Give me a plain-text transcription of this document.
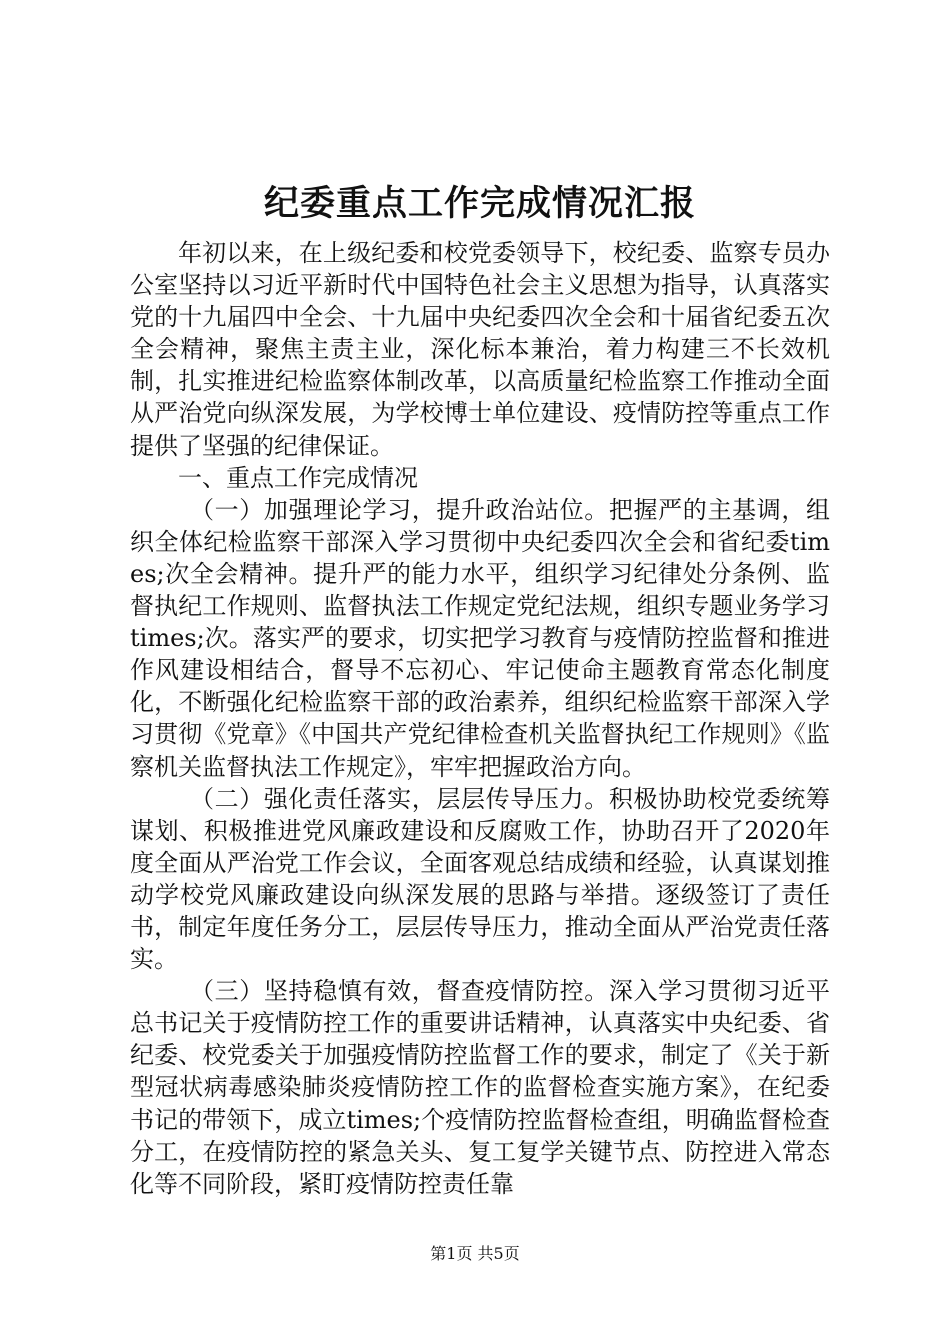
纪委重点工作完成情况汇报

年初以来，在上级纪委和校党委领导下，校纪委、监察专员办公室坚持以习近平新时代中国特色社会主义思想为指导，认真落实党的十九届四中全会、十九届中央纪委四次全会和十届省纪委五次全会精神，聚焦主责主业，深化标本兼治，着力构建三不长效机制，扎实推进纪检监察体制改革，以高质量纪检监察工作推动全面从严治党向纵深发展，为学校博士单位建设、疫情防控等重点工作提供了坚强的纪律保证。

一、重点工作完成情况

（一）加强理论学习，提升政治站位。把握严的主基调，组织全体纪检监察干部深入学习贯彻中央纪委四次全会和省纪委times;次全会精神。提升严的能力水平，组织学习纪律处分条例、监督执纪工作规则、监督执法工作规定党纪法规，组织专题业务学习times;次。落实严的要求，切实把学习教育与疫情防控监督和推进作风建设相结合，督导不忘初心、牢记使命主题教育常态化制度化，不断强化纪检监察干部的政治素养，组织纪检监察干部深入学习贯彻《党章》《中国共产党纪律检查机关监督执纪工作规则》《监察机关监督执法工作规定》，牢牢把握政治方向。

（二）强化责任落实，层层传导压力。积极协助校党委统筹谋划、积极推进党风廉政建设和反腐败工作，协助召开了2020年度全面从严治党工作会议，全面客观总结成绩和经验，认真谋划推动学校党风廉政建设向纵深发展的思路与举措。逐级签订了责任书，制定年度任务分工，层层传导压力，推动全面从严治党责任落实。

（三）坚持稳慎有效，督查疫情防控。深入学习贯彻习近平总书记关于疫情防控工作的重要讲话精神，认真落实中央纪委、省纪委、校党委关于加强疫情防控监督工作的要求，制定了《关于新型冠状病毒感染肺炎疫情防控工作的监督检查实施方案》，在纪委书记的带领下，成立times;个疫情防控监督检查组，明确监督检查分工，在疫情防控的紧急关头、复工复学关键节点、防控进入常态化等不同阶段，紧盯疫情防控责任靠

第1页 共5页
